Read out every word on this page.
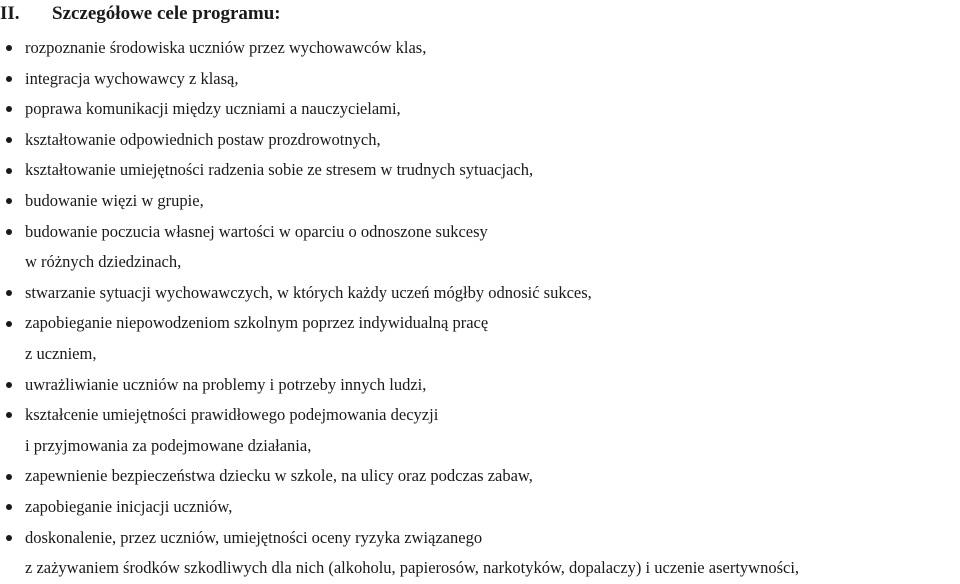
II. Szczegółowe cele programu:
rozpoznanie środowiska uczniów przez wychowawców klas,
integracja wychowawcy z klasą,
poprawa komunikacji między uczniami a nauczycielami,
kształtowanie odpowiednich postaw prozdrowotnych,
kształtowanie umiejętności radzenia sobie ze stresem w trudnych sytuacjach,
budowanie więzi w grupie,
budowanie poczucia własnej wartości w oparciu o odnoszone sukcesy
w różnych dziedzinach,
stwarzanie sytuacji wychowawczych, w których każdy uczeń mógłby odnosić sukces,
zapobieganie niepowodzeniom szkolnym poprzez indywidualną pracę
z uczniem,
uwrażliwianie uczniów na problemy i potrzeby innych ludzi,
kształcenie umiejętności prawidłowego podejmowania decyzji
i przyjmowania za podejmowane działania,
zapewnienie bezpieczeństwa dziecku w szkole, na ulicy oraz podczas zabaw,
zapobieganie inicjacji uczniów,
doskonalenie, przez uczniów, umiejętności oceny ryzyka związanego
z zażywaniem środków szkodliwych dla nich (alkoholu, papierosów, narkotyków, dopalaczy) i uczenie asertywności,
